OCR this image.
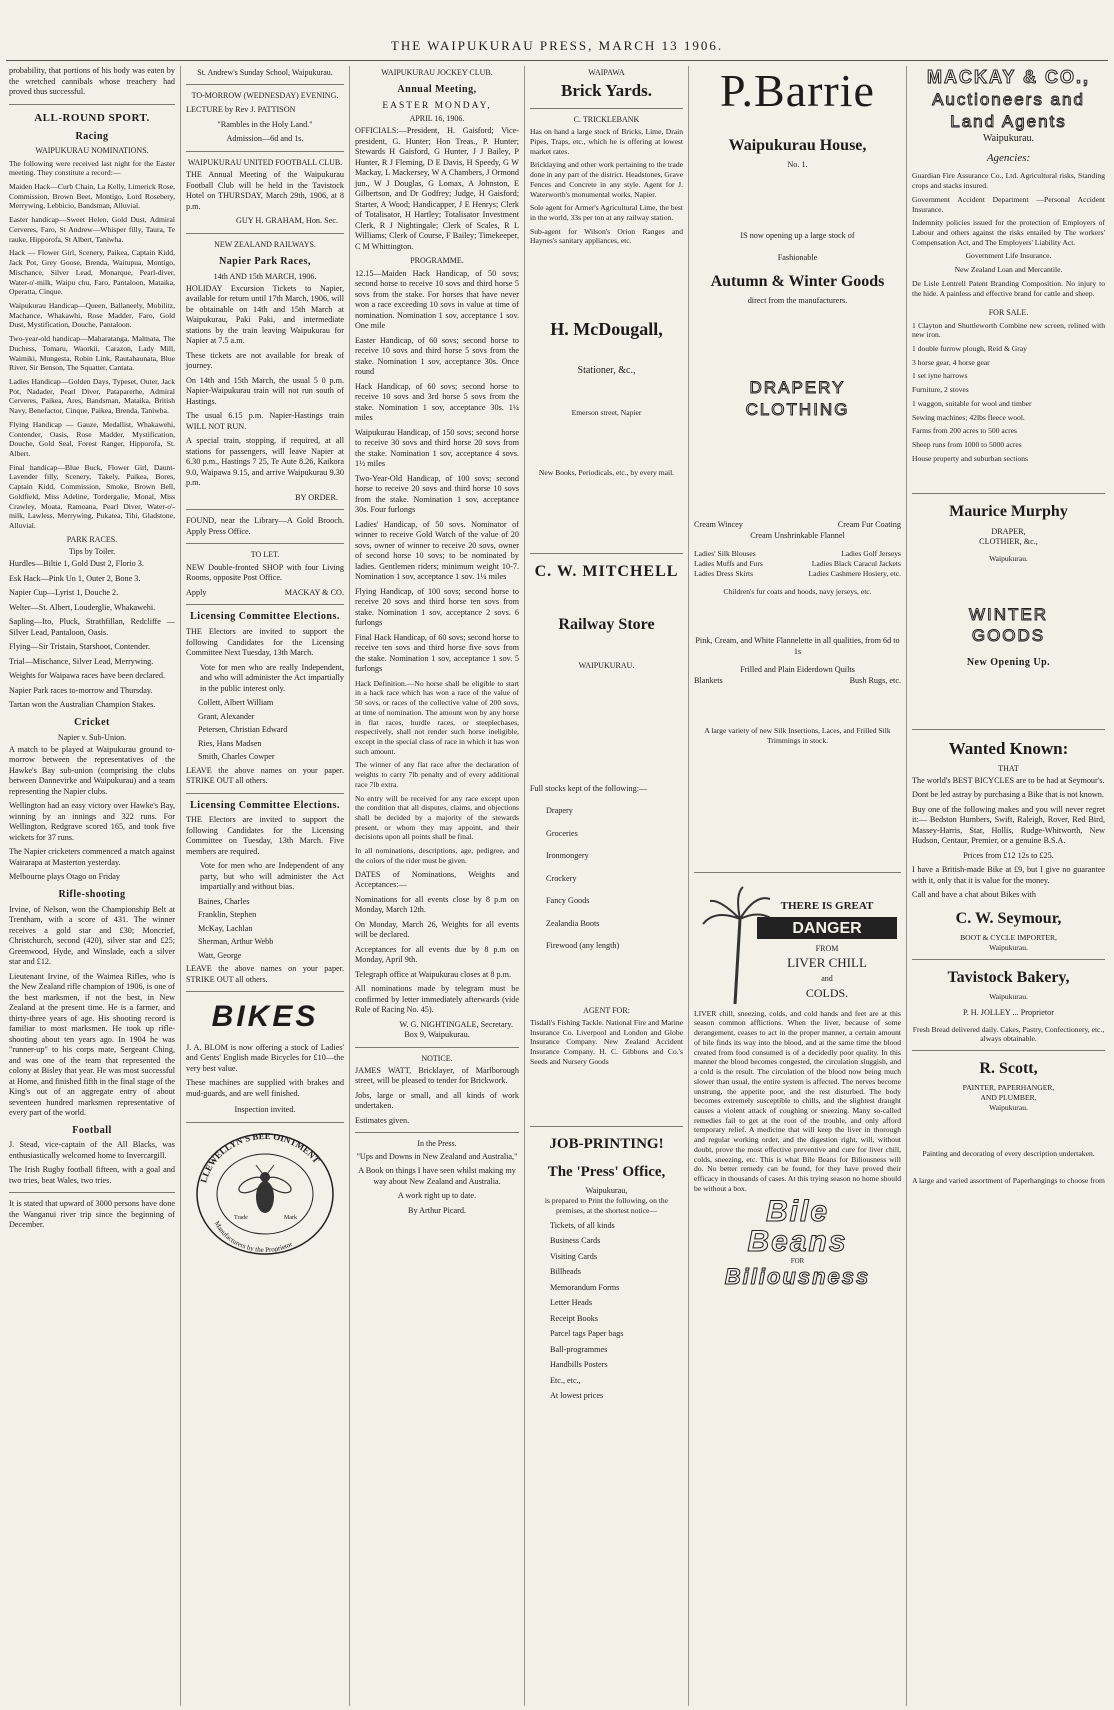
THE WAIPUKURAU PRESS, MARCH 13 1906.

probability, that portions of his body was eaten by the wretched cannibals whose treachery had proved thus successful.

ALL-ROUND SPORT.
Racing
WAIPUKURAU NOMINATIONS.

The following were received last night for the Easter meeting. They constitute a record:—

Maiden Hack—Curb Chain, La Kelly, Limerick Rose, Commission, Brown Beet, Montigo, Lord Rosebery, Merrywing, Lebbicio, Bandsman, Alluvial.

Easter handicap—Sweet Helen, Gold Dust, Admiral Cerveres, Faro, St Andrew—Whisper filly, Taura, Te rauke, Hipporofa, St Albert, Taniwha.

Hack — Flower Girl, Scenery, Paikea, Captain Kidd, Jack Pot, Grey Goose, Brenda, Waitupua, Montigo, Mischance, Silver Lead, Monarque, Pearl-diver, Water-o'-milk, Waipu chu, Faro, Pantaloon, Mataika, Operatta, Cinque.

Waipukurau Handicap—Queen, Ballaneely, Mobilitz, Machance, Whakawhi, Rose Madder, Faro, Gold Dust, Mystification, Douche, Pantaloon.

Two-year-old handicap—Maharatanga, Malmata, The Duchess, Tomaru, Waorkii, Carazon, Lady Mill, Waimiki, Mungesta, Robin Link, Rautahaunata, Blue River, Sir Benson, The Squatter, Cantata.

Ladies Handicap—Golden Days, Typeset, Outer, Jack Pot, Nadader, Pearl Diver, Pataparerhe, Admiral Cerveres, Paikea, Ares, Bandsman, Mataika, British Navy, Benefactor, Cinque, Paikea, Brenda, Taniwha.

Flying Handicap — Gauze, Medallist, Whakawehi, Contender, Oasis, Rose Madder, Mystification, Douche, Gold Seal, Forest Ranger, Hipporofa, St. Albert.

Final handicap—Blue Buck, Flower Girl, Daunt-Lavender filly, Scenery, Takely, Paikea, Bores, Captain Kidd, Commission, Smoke, Brown Bell, Goldfield, Miss Adeline, Tordergalie, Monal, Miss Crawley, Moata, Ramoana, Pearl Diver, Water-o'-milk, Lawless, Merrywing, Pukatea, Tihi, Gladstone, Alluvial.

PARK RACES.
Tips by Toiler.

Hurdles—Biltie 1, Gold Dust 2, Florio 3.

Esk Hack—Pink Un 1, Outer 2, Bone 3.

Napier Cup—Lyrist 1, Douche 2.

Welter—St. Albert, Louderglie, Whakawehi.

Sapling—Ito, Pluck, Strathfillan, Redcliffe — Silver Lead, Pantaloon, Oasis.

Flying—Sir Tristain, Starshoot, Contender.

Trial—Mischance, Silver Lead, Merrywing.

Weights for Waipawa races have been declared.

Napier Park races to-morrow and Thursday.

Tartan won the Australian Champion Stakes.

Cricket
Napier v. Sub-Union.

A match to be played at Waipukurau ground to-morrow between the representatives of the Hawke's Bay sub-union (comprising the clubs between Dannevirke and Waipukurau) and a team representing the Napier clubs.

Wellington had an easy victory over Hawke's Bay, winning by an innings and 322 runs. For Wellington, Redgrave scored 165, and took five wickets for 37 runs.

The Napier cricketers commenced a match against Wairarapa at Masterton yesterday.

Melbourne plays Otago on Friday

Rifle-shooting

Irvine, of Nelson, won the Championship Belt at Trentham, with a score of 431. The winner receives a gold star and £30; Moncrief, Christchurch, second (420), silver star and £25; Greenwood, Hyde, and Winslade, each a silver star and £12.

Lieutenant Irvine, of the Waimea Rifles, who is the New Zealand rifle champion of 1906, is one of the best marksmen, if not the best, in New Zealand at the present time. He is a farmer, and thirty-three years of age. His shooting record is familiar to most marksmen. He took up rifle-shooting about ten years ago. In 1904 he was "runner-up" to his corps mate, Sergeant Ching, and was one of the team that represented the colony at Bisley that year. He was most successful at Home, and finished fifth in the final stage of the King's out of an aggregate entry of about seventeen hundred marksmen representative of every part of the world.

Football

J. Stead, vice-captain of the All Blacks, was enthusiastically welcomed home to Invercargill.

The Irish Rugby football fifteen, with a goal and two tries, beat Wales, two tries.

It is stated that upward of 3000 persons have done the Wanganui river trip since the beginning of December.

St. Andrew's Sunday School, Waipukurau.
TO-MORROW (WEDNESDAY) EVENING.

LECTURE by Rev J. PATTISON

"Rambles in the Holy Land."
Admission—6d and 1s.
WAIPUKURAU UNITED FOOTBALL CLUB.

THE Annual Meeting of the Waipukurau Football Club will be held in the Tavistock Hotel on THURSDAY, March 29th, 1906, at 8 p.m.

GUY H. GRAHAM, Hon. Sec.
NEW ZEALAND RAILWAYS.
Napier Park Races,
14th AND 15th MARCH, 1906.

HOLIDAY Excursion Tickets to Napier, available for return until 17th March, 1906, will be obtainable on 14th and 15th March at Waipukurau, Paki Paki, and intermediate stations by the train leaving Waipukurau for Napier at 7.5 a.m.

These tickets are not available for break of journey.

On 14th and 15th March, the usual 5 0 p.m. Napier-Waipukurau train will not run south of Hastings.

The usual 6.15 p.m. Napier-Hastings train WILL NOT RUN.

A special train, stopping, if required, at all stations for passengers, will leave Napier at 6.30 p.m., Hastings 7 25, Te Aute 8.26, Kaikora 9.0, Waipawa 9.15, and arrive Waipukurau 9.30 p.m.

BY ORDER.

FOUND, near the Library—A Gold Brooch. Apply Press Office.

TO LET.

NEW Double-fronted SHOP with four Living Rooms, opposite Post Office.

Apply	MACKAY & CO.
Licensing Committee Elections.

THE Electors are invited to support the following Candidates for the Licensing Committee Next Tuesday, 13th March.

Vote for men who are really Independent, and who will administer the Act impartially in the public interest only.

Collett, Albert William
Grant, Alexander
Petersen, Christian Edward
Ries, Hans Madsen
Smith, Charles Cowper

LEAVE the above names on your paper. STRIKE OUT all others.

Licensing Committee Elections.

THE Electors are invited to support the following Candidates for the Licensing Committee on Tuesday, 13th March. Five members are required.

Vote for men who are Independent of any party, but who will administer the Act impartially and without bias.

Baines, Charles
Franklin, Stephen
McKay, Lachlan
Sherman, Arthur Webb
Watt, George

LEAVE the above names on your paper. STRIKE OUT all others.

BIKES

J. A. BLOM is now offering a stock of Ladies' and Gents' English made Bicycles for £10—the very best value.

These machines are supplied with brakes and mud-guards, and are well finished.

Inspection invited.
Trade	Mark
LLEWELLYN'S BEE OINTMENT
Manufacturers by the Proprietor
WAIPUKURAU JOCKEY CLUB.
Annual Meeting,
EASTER MONDAY,
APRIL 16, 1906.

OFFICIALS:—President, H. Gaisford; Vice-president, G. Hunter; Hon Treas., P. Hunter; Stewards H Gaisford, G Hunter, J J Bailey, P Hunter, R J Fleming, D E Davis, H Speedy, G W Mackay, L Mackersey, W A Chambers, J Ormond jun., W J Douglas, G Lomax, A Johnston, E Gilbertson, and Dr Godfrey; Judge, H Gaisford; Starter, A Wood; Handicapper, J E Henrys; Clerk of Totalisator, H Hartley; Totalisator Investment Clerk, R J Nightingale; Clerk of Scales, R L Williams; Clerk of Course, F Bailey; Timekeeper, C M Whittington.

PROGRAMME.

12.15—Maiden Hack Handicap, of 50 sovs; second horse to receive 10 sovs and third horse 5 sovs from the stake. For horses that have never won a race exceeding 10 sovs in value at time of nomination. Nomination 1 sov, acceptance 1 sov. One mile

Easter Handicap, of 60 sovs; second horse to receive 10 sovs and third horse 5 sovs from the stake. Nomination 1 sov, acceptance 30s. Once round

Hack Handicap, of 60 sovs; second horse to receive 10 sovs and 3rd horse 5 sovs from the stake. Nomination 1 sov, acceptance 30s. 1¼ miles

Waipukurau Handicap, of 150 sovs; second horse to receive 30 sovs and third horse 20 sovs from the stake. Nomination 1 sov, acceptance 4 sovs. 1½ miles

Two-Year-Old Handicap, of 100 sovs; second horse to receive 20 sovs and third horse 10 sovs from the stake. Nomination 1 sov, acceptance 30s. Four furlongs

Ladies' Handicap, of 50 sovs. Nominator of winner to receive Gold Watch of the value of 20 sovs, owner of winner to receive 20 sovs, owner of second horse 10 sovs; to be nominated by ladies. Gentlemen riders; minimum weight 10-7. Nomination 1 sov, acceptance 1 sov. 1¼ miles

Flying Handicap, of 100 sovs; second horse to receive 20 sovs and third horse ten sovs from stake. Nomination 1 sov, acceptance 2 sovs. 6 furlongs

Final Hack Handicap, of 60 sovs; second horse to receive ten sovs and third horse five sovs from the stake. Nomination 1 sov, acceptance 1 sov. 5 furlongs

Hack Definition.—No horse shall be eligible to start in a hack race which has won a race of the value of 50 sovs, or races of the collective value of 200 sovs, at time of nomination. The amount won by any horse in flat races, hurdle races, or steeplechases, respectively, shall not render such horse ineligible, except in the special class of race in which it has won such amount.

The winner of any flat race after the declaration of weights to carry 7lb penalty and of every additional race 7lb extra.

No entry will be received for any race except upon the condition that all disputes, claims, and objections shall be decided by a majority of the stewards present, or whom they may appoint, and their decisions upon all points shall be final.

In all nominations, descriptions, age, pedigree, and the colors of the rider must be given.

DATES of Nominations, Weights and Acceptances:—

Nominations for all events close by 8 p.m on Monday, March 12th.

On Monday, March 26, Weights for all events will be declared.

Acceptances for all events due by 8 p.m on Monday, April 9th.

Telegraph office at Waipukurau closes at 8 p.m.

All nominations made by telegram must be confirmed by letter immediately afterwards (vide Rule of Racing No. 45).

W. G. NIGHTINGALE, Secretary.
Box 9, Waipukurau.
NOTICE.

JAMES WATT, Bricklayer, of Marlborough street, will be pleased to tender for Brickwork.

Jobs, large or small, and all kinds of work undertaken.

Estimates given.

In the Press.

"Ups and Downs in New Zealand and Australia,"

A Book on things I have seen whilst making my way about New Zealand and Australia.

A work right up to date.

By Arthur Picard.

WAIPAWA
Brick Yards.
C. TRICKLEBANK

Has on hand a large stock of Bricks, Lime, Drain Pipes, Traps, etc., which he is offering at lowest market rates.

Bricklaying and other work pertaining to the trade done in any part of the district. Headstones, Grave Fences and Concrete in any style. Agent for J. Waterworth's monumental works, Napier.

Sole agent for Armer's Agricultural Lime, the best in the world, 33s per ton at any railway station.

Sub-agent for Wilson's Orion Ranges and Haynes's sanitary appliances, etc.

H. McDougall,
Stationer, &c.,
Emerson street, Napier
New Books, Periodicals, etc., by every mail.
C. W. MITCHELL
Railway Store
WAIPUKURAU.

Full stocks kept of the following:—

Drapery
Groceries
Ironmongery
Crockery
Fancy Goods
Zealandia Boots
Firewood (any length)
AGENT FOR:

Tisdall's Fishing Tackle. National Fire and Marine Insurance Co. Liverpool and London and Globe Insurance Company. New Zealand Accident Insurance Company. H. C. Gibbons and Co.'s Seeds and Nursery Goods

JOB-PRINTING!
The 'Press' Office,
Waipukurau,

is prepared to Print the following, on the premises, at the shortest notice—

Tickets, of all kinds
Business Cards
Visiting Cards
Billheads
Memorandum Forms
Letter Heads
Receipt Books
Parcel tags Paper bags
Ball-programmes
Handbills Posters
Etc., etc.,
At lowest prices
P.Barrie
Waipukurau House,
No. 1.
IS now opening up a large stock of
Fashionable
Autumn & Winter Goods
direct from the manufacturers.
DRAPERY
CLOTHING
Cream Wincey	Cream Fur Coating
Cream Unshrinkable Flannel
Ladies' Silk Blouses	Ladies Golf Jerseys
Ladies Muffs and Furs	Ladies Black Caracul Jackets
Ladies Dress Skirts	Ladies Cashmere Hosiery, etc.
Children's fur coats and hoods, navy jerseys, etc.
Pink, Cream, and White Flannelette in all qualities, from 6d to 1s
Frilled and Plain Eiderdown Quilts
Blankets	Bush Rugs, etc.
A large variety of new Silk Insertions, Laces, and Frilled Silk Trimmings in stock.
THERE IS GREAT
DANGER
FROM
LIVER CHILL
and
COLDS.

LIVER chill, sneezing, colds, and cold hands and feet are at this season common afflictions. When the liver, because of some derangement, ceases to act in the proper manner, a certain amount of bile finds its way into the blood, and at the same time the blood created from food consumed is of a decidedly poor quality. In this manner the blood becomes congested, the circulation sluggish, and a cold is the result. The circulation of the blood now being much slower than usual, the entire system is affected. The nerves become unstrung, the appetite poor, and the rest disturbed. The body becomes extremely susceptible to chills, and the slightest draught causes a violent attack of coughing or sneezing. Many so-called remedies fail to get at the root of the trouble, and only afford temporary relief. A medicine that will keep the liver in thorough and regular working order, and the digestion right, will, without doubt, prove the most effective preventive and cure for liver chill, colds, sneezing, etc. This is what Bile Beans for Biliousness will do. No better remedy can be found, for they have proved their efficacy in thousands of cases. At this trying season no home should be without a box.

Bile
Beans
FOR
Biliousness
MACKAY & CO.,
Auctioneers and
Land Agents
Waipukurau.
Agencies:

Guardian Fire Assurance Co., Ltd. Agricultural risks, Standing crops and stacks insured.

Government Accident Department —Personal Accident Insurance.

Indemnity policies issued for the protection of Employers of Labour and others against the risks entailed by The workers' Compensation Act, and The Employers' Liability Act.

Government Life Insurance.

New Zealand Loan and Mercantile.

De Lisle Lentrell Patent Branding Composition. No injury to the hide. A painless and effective brand for cattle and sheep.

FOR SALE.

1 Clayton and Shuttleworth Combine new screen, relined with new iron.

1 double furrow plough, Reid & Gray

3 horse gear, 4 horse gear

1 set iyne harrows

Furniture, 2 stoves

1 waggon, suitable for wool and timber

Sewing machines; 42lbs fleece wool.

Farms from 200 acres to 500 acres

Sheep runs from 1000 to 5000 acres

House property and suburban sections

Maurice Murphy
DRAPER,
CLOTHIER, &c.,
Waipukurau.
WINTER
GOODS
New Opening Up.
Wanted Known:
THAT

The world's BEST BICYCLES are to be had at Seymour's.

Dont be led astray by purchasing a Bike that is not known.

Buy one of the following makes and you will never regret it:— Bedston Humbers, Swift, Raleigh, Rover, Red Bird, Massey-Harris, Star, Hollis, Rudge-Whitworth, New Hudson, Centaur, Premier, or a genuine B.S.A.

Prices from £12 12s to £25.

I have a British-made Bike at £9, but I give no guarantee with it, only that it is value for the money.

Call and have a chat about Bikes with

C. W. Seymour,
BOOT & CYCLE IMPORTER,
Waipukurau.
Tavistock Bakery,
Waipukurau.
P. H. JOLLEY ... Proprietor

Fresh Bread delivered daily. Cakes, Pastry, Confectionery, etc., always obtainable.

R. Scott,
PAINTER, PAPERHANGER,
AND PLUMBER,
Waipukurau.

Painting and decorating of every description undertaken.

A large and varied assortment of Paperhangings to choose from
